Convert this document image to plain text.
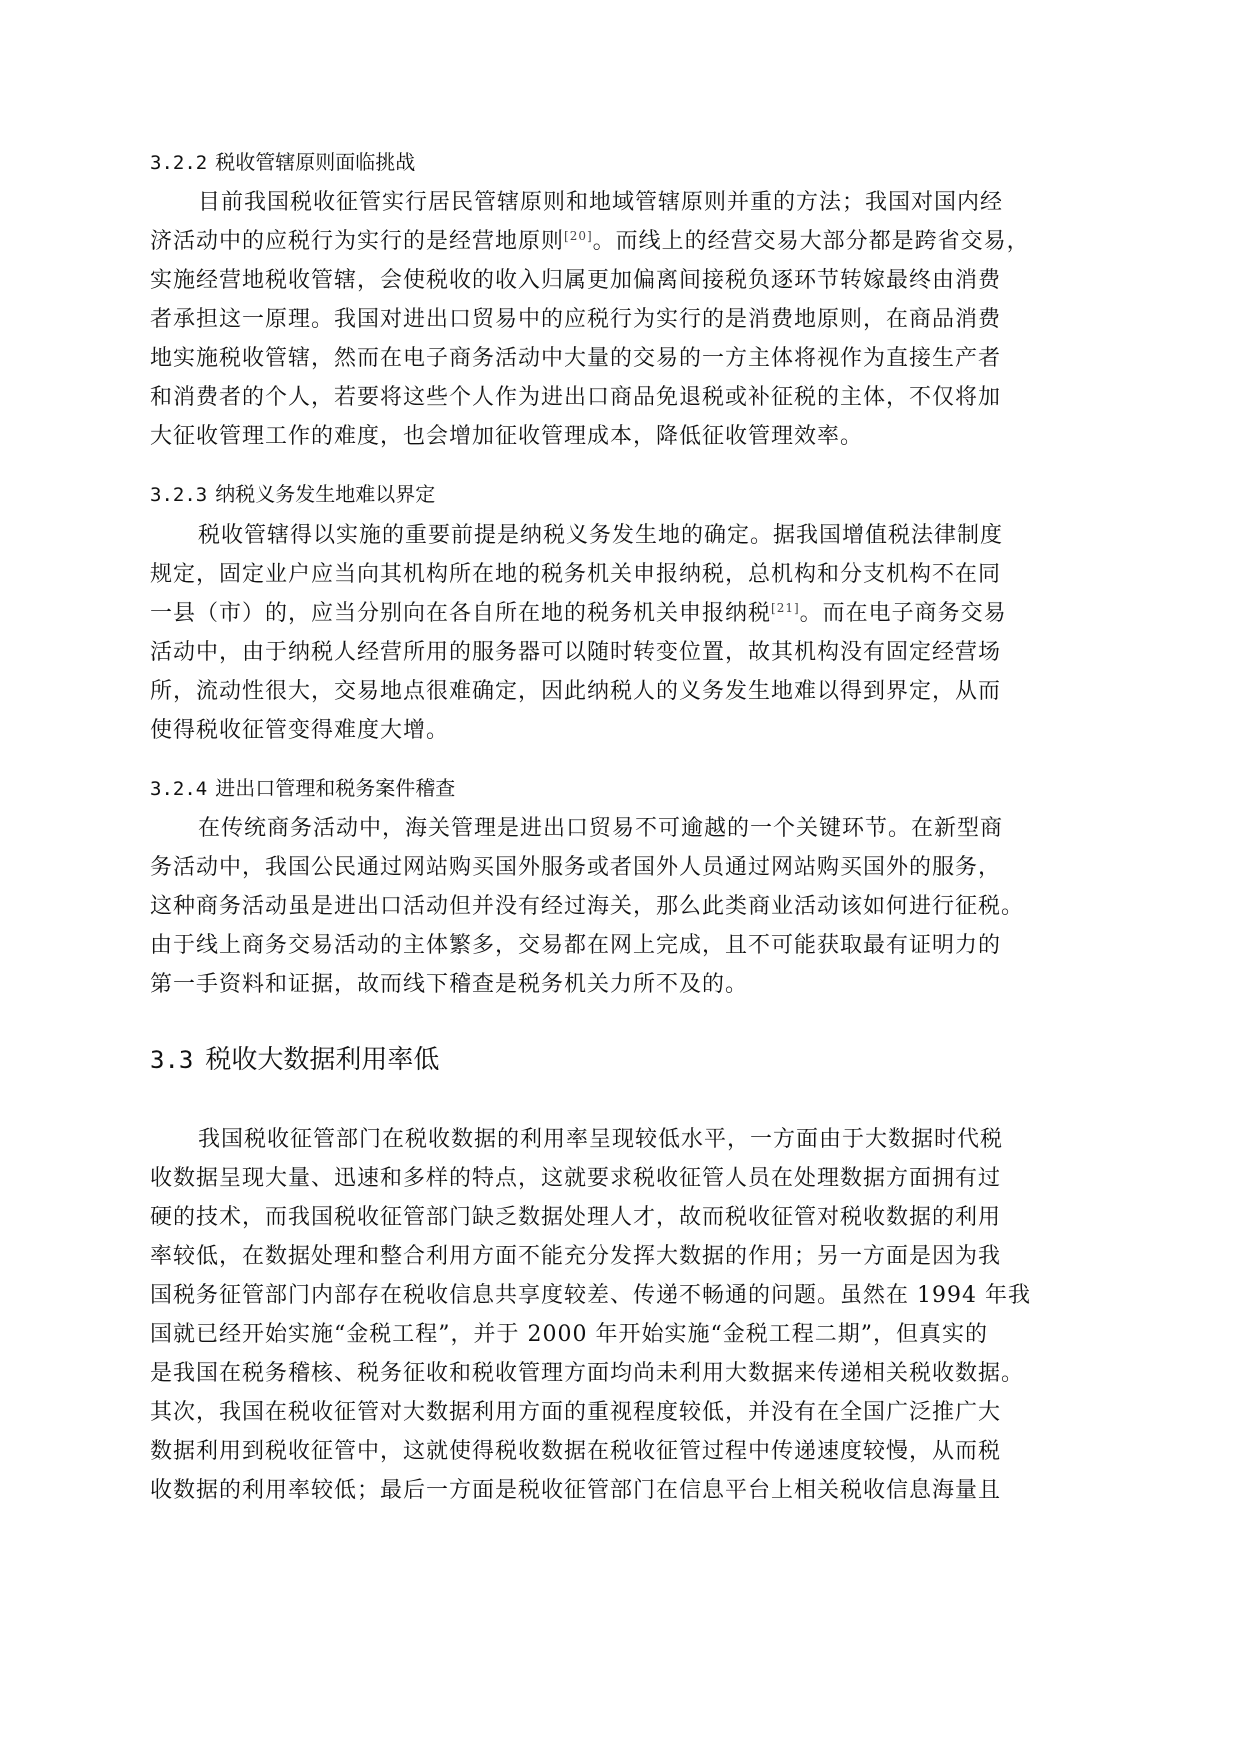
3.2.2 税收管辖原则面临挑战
目前我国税收征管实行居民管辖原则和地域管辖原则并重的方法；我国对国内经
济活动中的应税行为实行的是经营地原则[20]。而线上的经营交易大部分都是跨省交易，
实施经营地税收管辖，会使税收的收入归属更加偏离间接税负逐环节转嫁最终由消费
者承担这一原理。我国对进出口贸易中的应税行为实行的是消费地原则，在商品消费
地实施税收管辖，然而在电子商务活动中大量的交易的一方主体将视作为直接生产者
和消费者的个人，若要将这些个人作为进出口商品免退税或补征税的主体，不仅将加
大征收管理工作的难度，也会增加征收管理成本，降低征收管理效率。
3.2.3 纳税义务发生地难以界定
税收管辖得以实施的重要前提是纳税义务发生地的确定。据我国增值税法律制度
规定，固定业户应当向其机构所在地的税务机关申报纳税，总机构和分支机构不在同
一县（市）的，应当分别向在各自所在地的税务机关申报纳税[21]。而在电子商务交易
活动中，由于纳税人经营所用的服务器可以随时转变位置，故其机构没有固定经营场
所，流动性很大，交易地点很难确定，因此纳税人的义务发生地难以得到界定，从而
使得税收征管变得难度大增。
3.2.4 进出口管理和税务案件稽查
在传统商务活动中，海关管理是进出口贸易不可逾越的一个关键环节。在新型商
务活动中，我国公民通过网站购买国外服务或者国外人员通过网站购买国外的服务，
这种商务活动虽是进出口活动但并没有经过海关，那么此类商业活动该如何进行征税。
由于线上商务交易活动的主体繁多，交易都在网上完成，且不可能获取最有证明力的
第一手资料和证据，故而线下稽查是税务机关力所不及的。
3.3 税收大数据利用率低
我国税收征管部门在税收数据的利用率呈现较低水平，一方面由于大数据时代税
收数据呈现大量、迅速和多样的特点，这就要求税收征管人员在处理数据方面拥有过
硬的技术，而我国税收征管部门缺乏数据处理人才，故而税收征管对税收数据的利用
率较低，在数据处理和整合利用方面不能充分发挥大数据的作用；另一方面是因为我
国税务征管部门内部存在税收信息共享度较差、传递不畅通的问题。虽然在 1994 年我
国就已经开始实施“金税工程”，并于 2000 年开始实施“金税工程二期”，但真实的
是我国在税务稽核、税务征收和税收管理方面均尚未利用大数据来传递相关税收数据。
其次，我国在税收征管对大数据利用方面的重视程度较低，并没有在全国广泛推广大
数据利用到税收征管中，这就使得税收数据在税收征管过程中传递速度较慢，从而税
收数据的利用率较低；最后一方面是税收征管部门在信息平台上相关税收信息海量且
